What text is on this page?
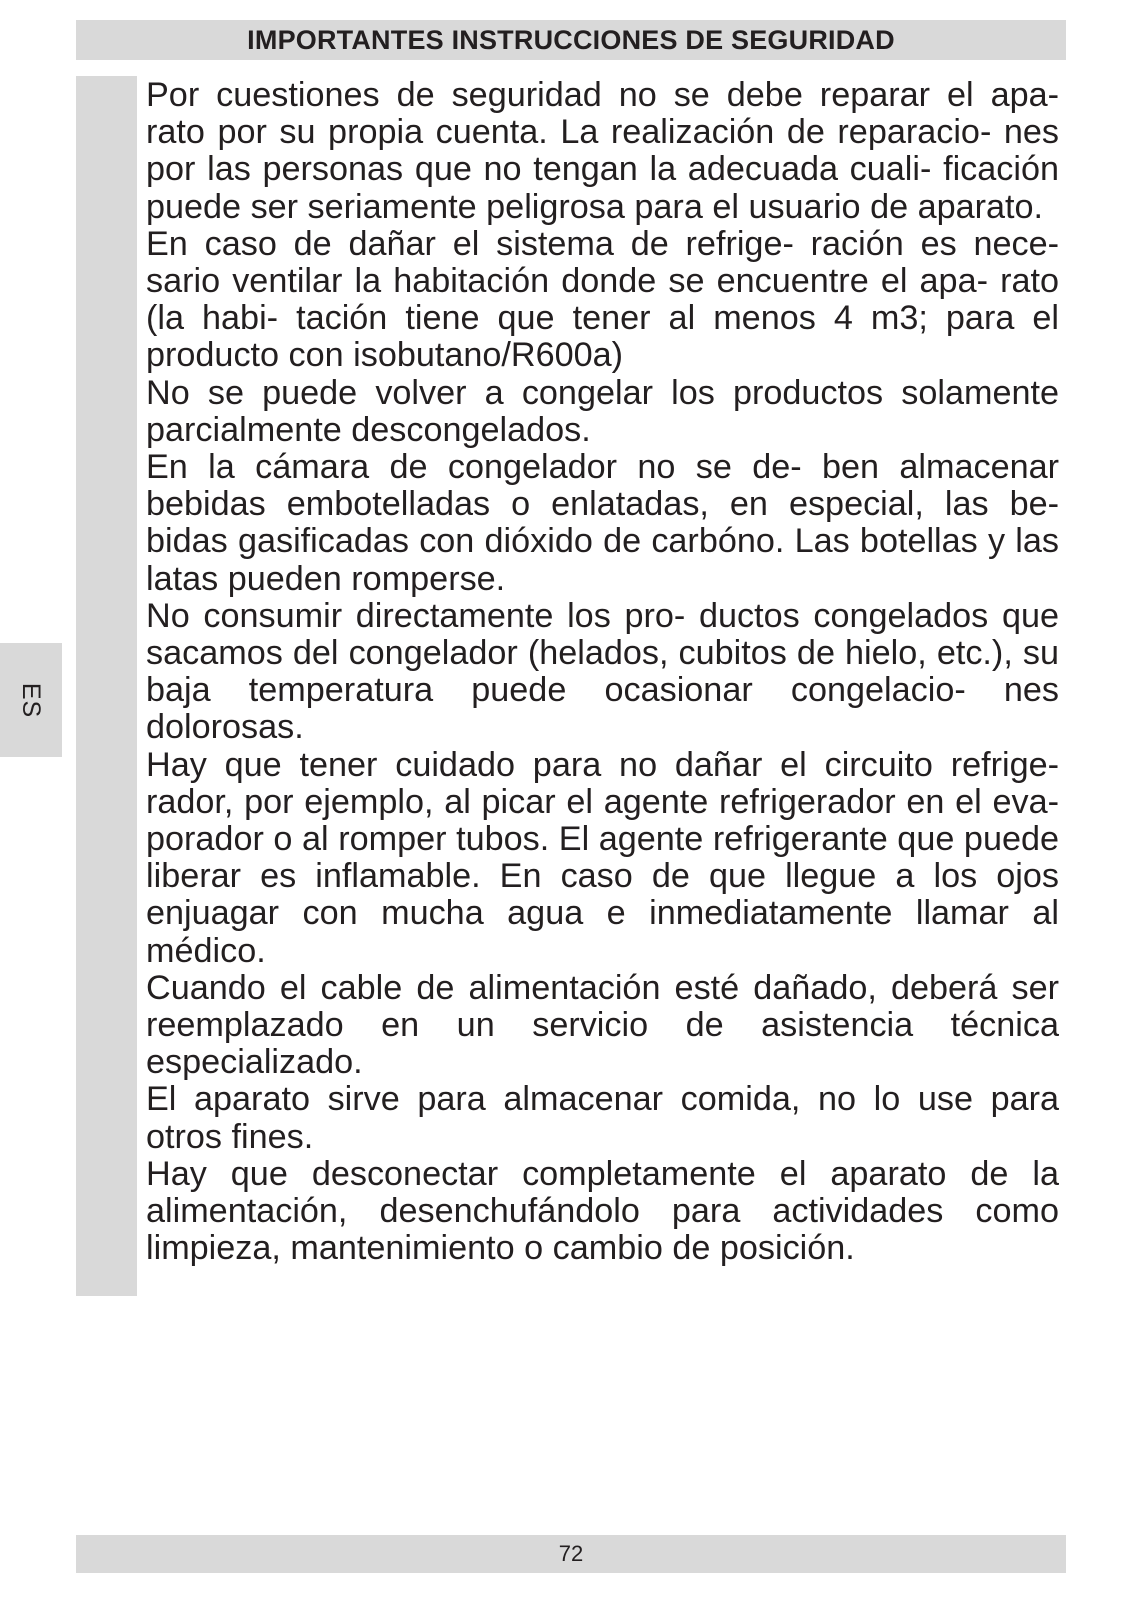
IMPORTANTES INSTRUCCIONES DE SEGURIDAD
ES

Por cuestiones de seguridad no se debe reparar el apa- rato por su propia cuenta. La realización de reparacio- nes por las personas que no tengan la adecuada cuali- ficación puede ser seriamente peligrosa para el usuario de aparato.

En caso de dañar el sistema de refrige- ración es nece- sario ventilar la habitación donde se encuentre el apa- rato (la habi- tación tiene que tener al menos 4 m3; para el producto con isobutano/R600a)

No se puede volver a congelar los productos solamente parcialmente descongelados.

En la cámara de congelador no se de- ben almacenar bebidas embotelladas o enlatadas, en especial, las be- bidas gasificadas con dióxido de carbóno. Las botellas y las latas pueden romperse.

No consumir directamente los pro- ductos congelados que sacamos del congelador (helados, cubitos de hielo, etc.), su baja temperatura puede ocasionar congelacio- nes dolorosas.

Hay que tener cuidado para no dañar el circuito refrige- rador, por ejemplo, al picar el agente refrigerador en el eva- porador o al romper tubos. El agente refrigerante que puede liberar es inflamable. En caso de que llegue a los ojos enjuagar con mucha agua e inmediatamente llamar al médico.

Cuando el cable de alimentación esté dañado, deberá ser reemplazado en un servicio de asistencia técnica especializado.

El aparato sirve para almacenar comida, no lo use para otros fines.

Hay que desconectar completamente el aparato de la alimentación, desenchufándolo para actividades como limpieza, mantenimiento o cambio de posición.

72
